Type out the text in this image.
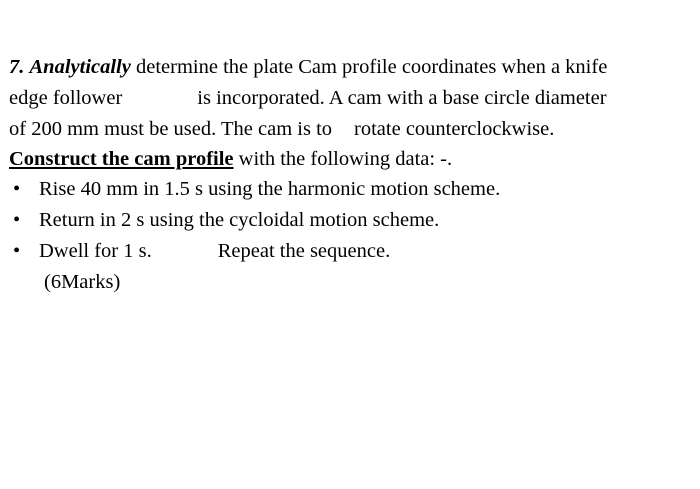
7. Analytically determine the plate Cam profile coordinates when a knife
edge follower	is incorporated. A cam with a base circle diameter
of 200 mm must be used. The cam is to rotate counterclockwise.
Construct the cam profile with the following data: -.
• Rise 40 mm in 1.5 s using the harmonic motion scheme.
• Return in 2 s using the cycloidal motion scheme.
• Dwell for 1 s.	Repeat the sequence.
(6Marks)
